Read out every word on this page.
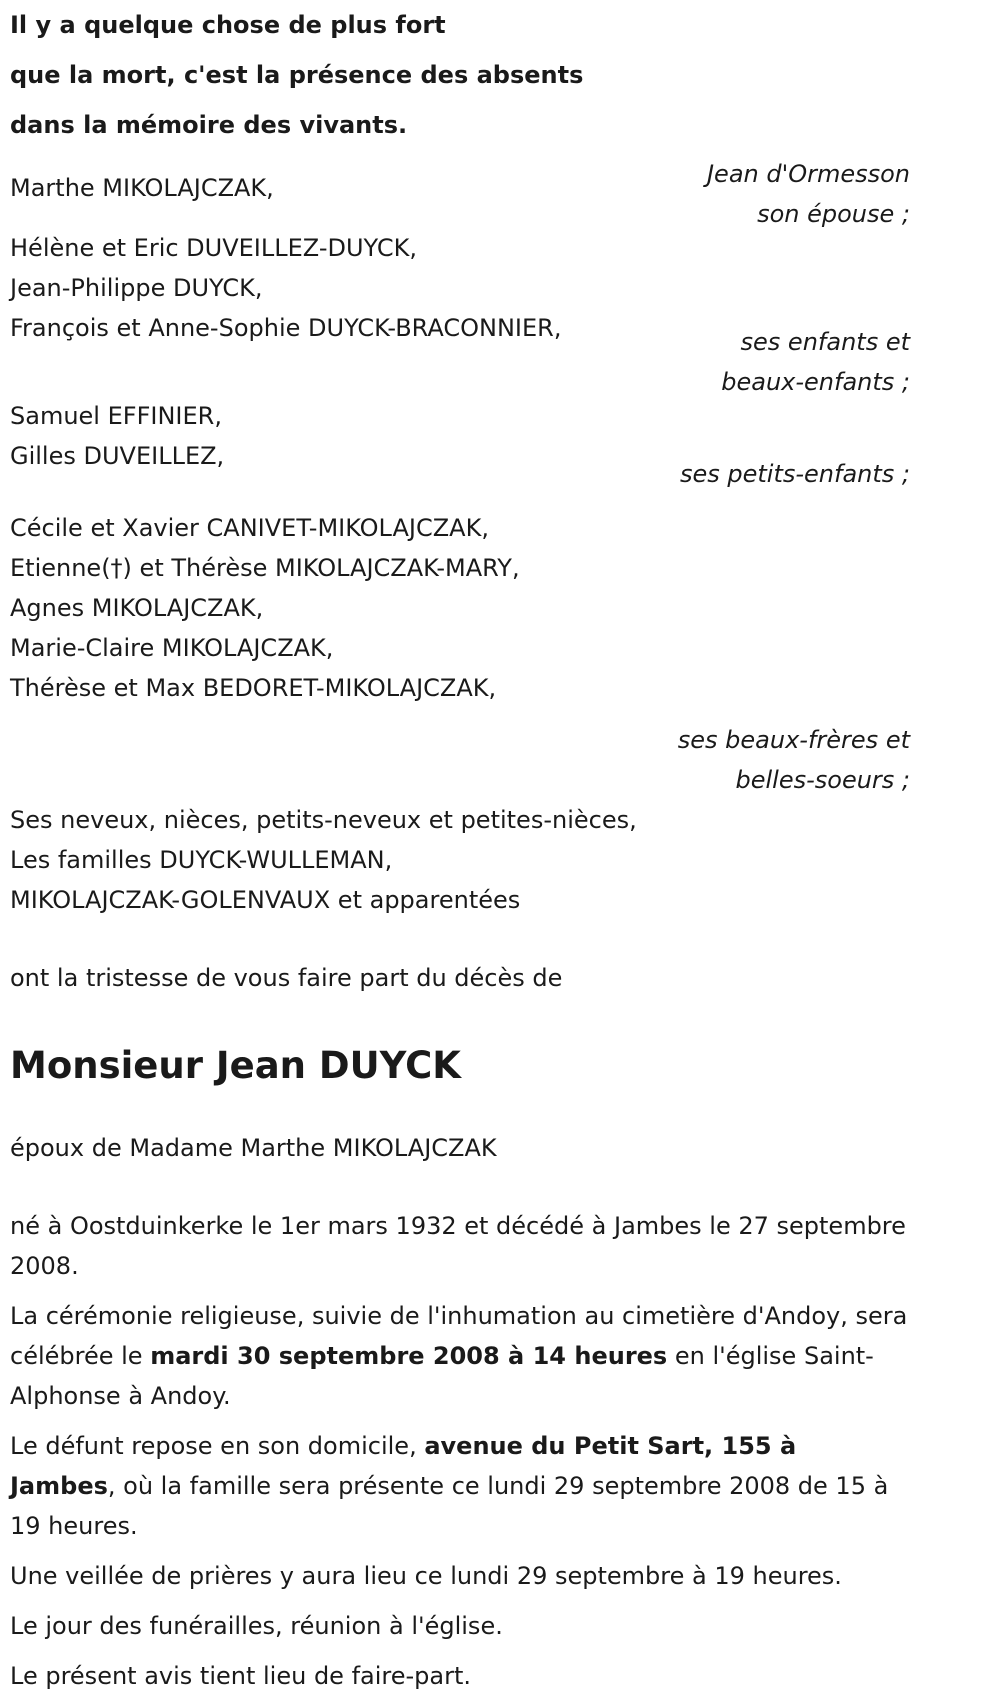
Il y a quelque chose de plus fort
que la mort, c'est la présence des absents
dans la mémoire des vivants.
Marthe MIKOLAJCZAK,	Jean d'Ormesson
son épouse ;
Hélène et Eric DUVEILLEZ-DUYCK,
Jean-Philippe DUYCK,
François et Anne-Sophie DUYCK-BRACONNIER,	ses enfants et
beaux-enfants ;
Samuel EFFINIER,
Gilles DUVEILLEZ,
ses petits-enfants ;
Cécile et Xavier CANIVET-MIKOLAJCZAK,
Etienne(†) et Thérèse MIKOLAJCZAK-MARY,
Agnes MIKOLAJCZAK,
Marie-Claire MIKOLAJCZAK,
Thérèse et Max BEDORET-MIKOLAJCZAK,
ses beaux-frères et
belles-soeurs ;
Ses neveux, nièces, petits-neveux et petites-nièces,
Les familles DUYCK-WULLEMAN,
MIKOLAJCZAK-GOLENVAUX et apparentées
ont la tristesse de vous faire part du décès de
Monsieur Jean DUYCK
époux de Madame Marthe MIKOLAJCZAK

né à Oostduinkerke le 1er mars 1932 et décédé à Jambes le 27 septembre 2008.

La cérémonie religieuse, suivie de l'inhumation au cimetière d'Andoy, sera célébrée le mardi 30 septembre 2008 à 14 heures en l'église Saint-Alphonse à Andoy.

Le défunt repose en son domicile, avenue du Petit Sart, 155 à Jambes, où la famille sera présente ce lundi 29 septembre 2008 de 15 à 19 heures.

Une veillée de prières y aura lieu ce lundi 29 septembre à 19 heures.

Le jour des funérailles, réunion à l'église.

Le présent avis tient lieu de faire-part.
